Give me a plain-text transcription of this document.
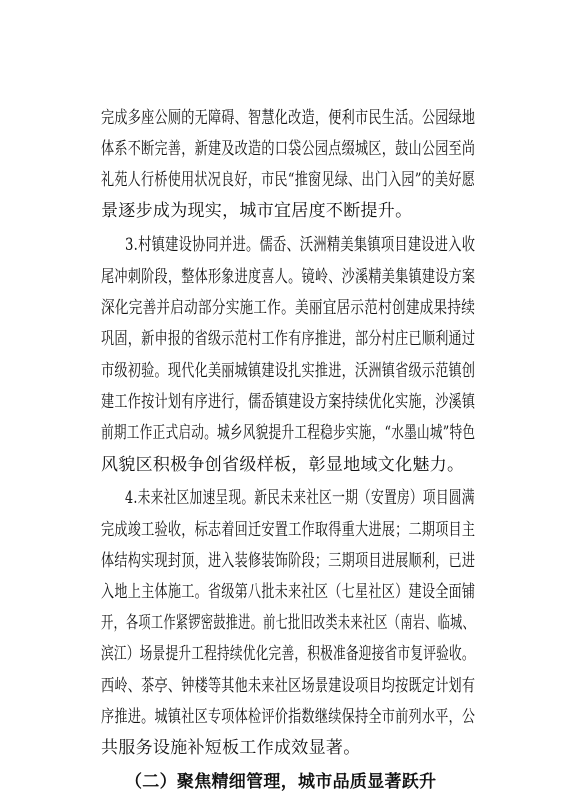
完成多座公厕的无障碍、智慧化改造，便利市民生活。公园绿地
体系不断完善，新建及改造的口袋公园点缀城区，鼓山公园至尚
礼苑人行桥使用状况良好，市民“推窗见绿、出门入园”的美好愿
景逐步成为现实，城市宜居度不断提升。
3.村镇建设协同并进。儒岙、沃洲精美集镇项目建设进入收
尾冲刺阶段，整体形象进度喜人。镜岭、沙溪精美集镇建设方案
深化完善并启动部分实施工作。美丽宜居示范村创建成果持续
巩固，新申报的省级示范村工作有序推进，部分村庄已顺利通过
市级初验。现代化美丽城镇建设扎实推进，沃洲镇省级示范镇创
建工作按计划有序进行，儒岙镇建设方案持续优化实施，沙溪镇
前期工作正式启动。城乡风貌提升工程稳步实施，“水墨山城”特色
风貌区积极争创省级样板，彰显地域文化魅力。
4.未来社区加速呈现。新民未来社区一期（安置房）项目圆满
完成竣工验收，标志着回迁安置工作取得重大进展；二期项目主
体结构实现封顶，进入装修装饰阶段；三期项目进展顺利，已进
入地上主体施工。省级第八批未来社区（七星社区）建设全面铺
开，各项工作紧锣密鼓推进。前七批旧改类未来社区（南岩、临城、
滨江）场景提升工程持续优化完善，积极准备迎接省市复评验收。
西岭、茶亭、钟楼等其他未来社区场景建设项目均按既定计划有
序推进。城镇社区专项体检评价指数继续保持全市前列水平，公
共服务设施补短板工作成效显著。
（二）聚焦精细管理，城市品质显著跃升
